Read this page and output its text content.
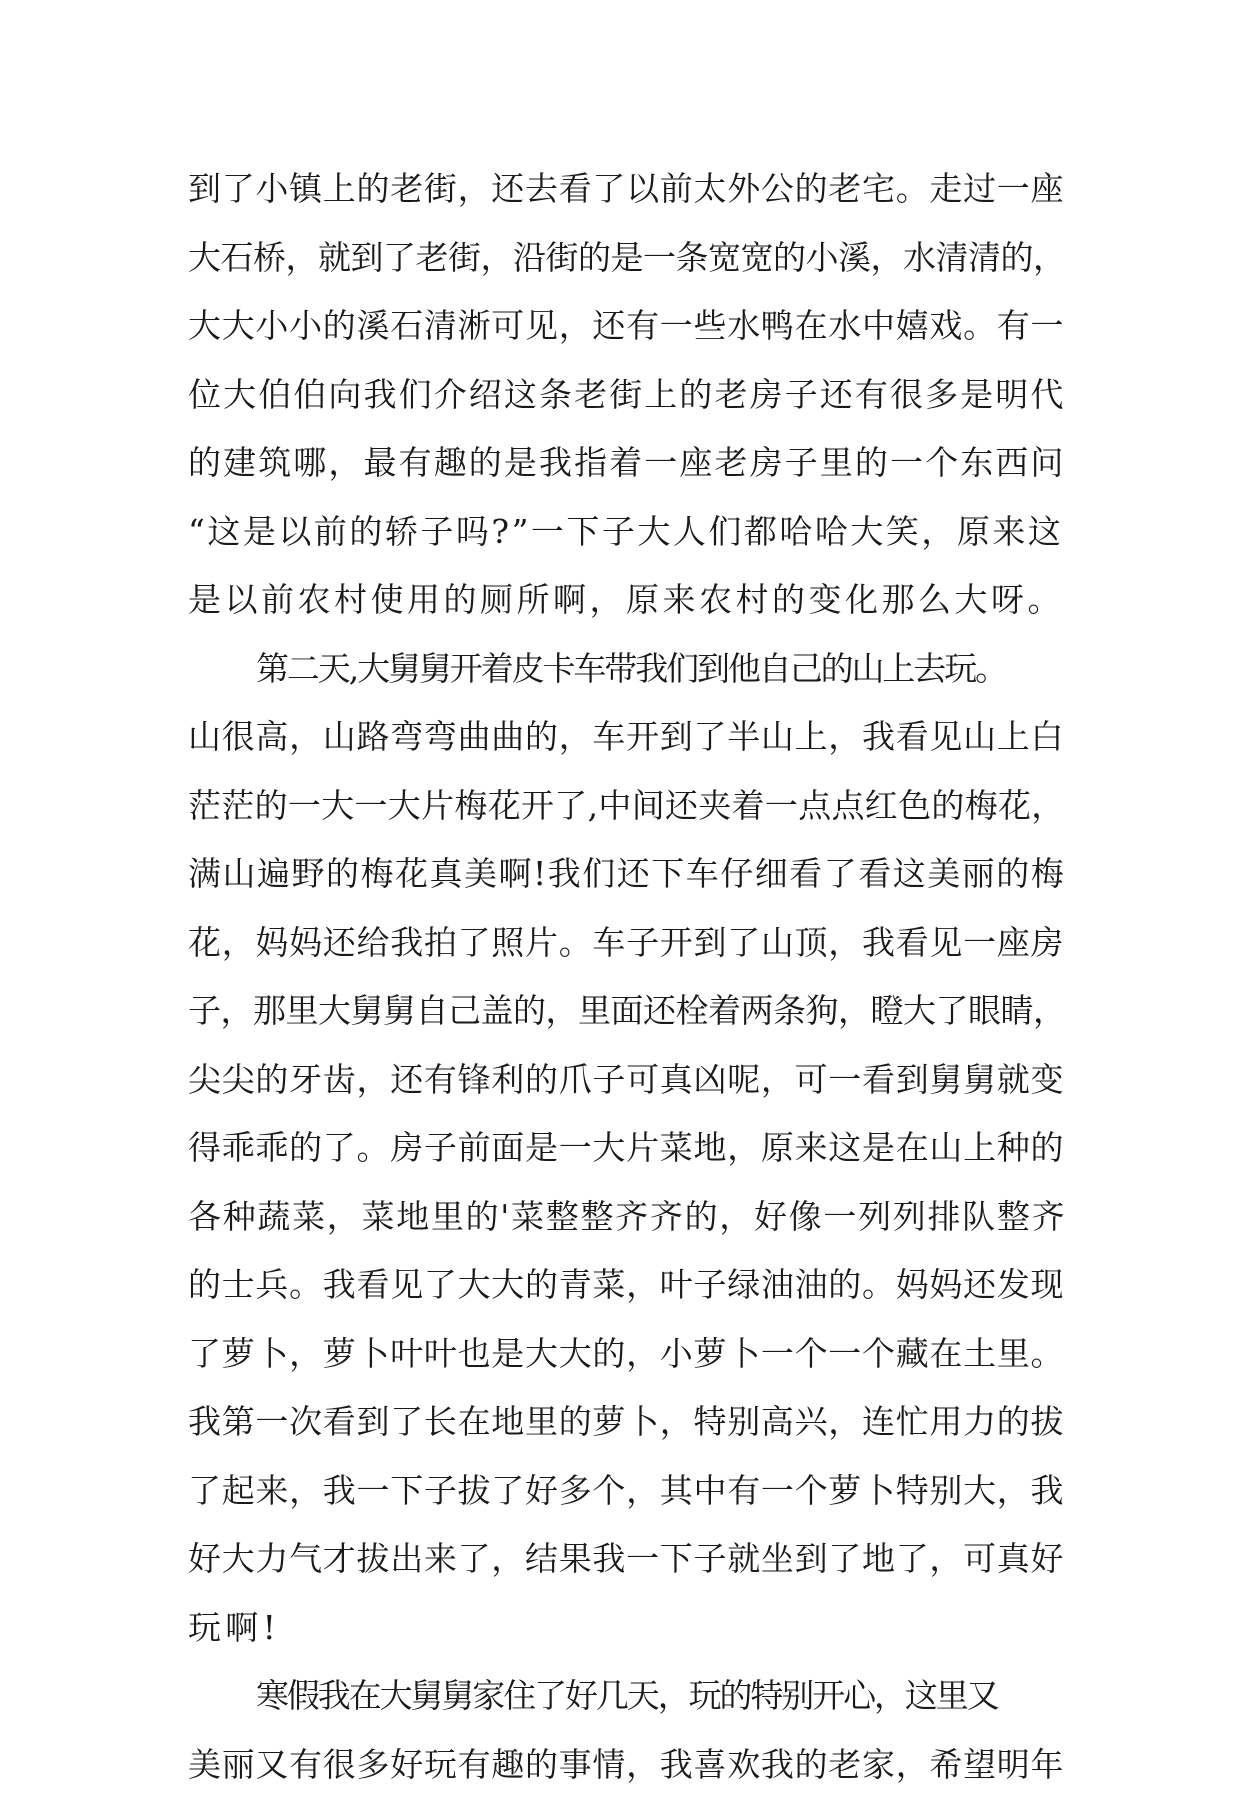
到了小镇上的老街，还去看了以前太外公的老宅。走过一座
大石桥，就到了老街，沿街的是一条宽宽的小溪，水清清的，
大大小小的溪石清淅可见，还有一些水鸭在水中嬉戏。有一
位大伯伯向我们介绍这条老街上的老房子还有很多是明代
的建筑哪，最有趣的是我指着一座老房子里的一个东西问
“这是以前的轿子吗?”一下子大人们都哈哈大笑，原来这
是以前农村使用的厕所啊，原来农村的变化那么大呀。
第二天,大舅舅开着皮卡车带我们到他自己的山上去玩。
山很高，山路弯弯曲曲的，车开到了半山上，我看见山上白
茫茫的一大一大片梅花开了,中间还夹着一点点红色的梅花，
满山遍野的梅花真美啊!我们还下车仔细看了看这美丽的梅
花，妈妈还给我拍了照片。车子开到了山顶，我看见一座房
子，那里大舅舅自己盖的，里面还栓着两条狗，瞪大了眼睛，
尖尖的牙齿，还有锋利的爪子可真凶呢，可一看到舅舅就变
得乖乖的了。房子前面是一大片菜地，原来这是在山上种的
各种蔬菜，菜地里的'菜整整齐齐的，好像一列列排队整齐
的士兵。我看见了大大的青菜，叶子绿油油的。妈妈还发现
了萝卜，萝卜叶叶也是大大的，小萝卜一个一个藏在土里。
我第一次看到了长在地里的萝卜，特别高兴，连忙用力的拔
了起来，我一下子拔了好多个，其中有一个萝卜特别大，我
好大力气才拔出来了，结果我一下子就坐到了地了，可真好
玩啊!
寒假我在大舅舅家住了好几天，玩的特别开心，这里又
美丽又有很多好玩有趣的事情，我喜欢我的老家，希望明年
